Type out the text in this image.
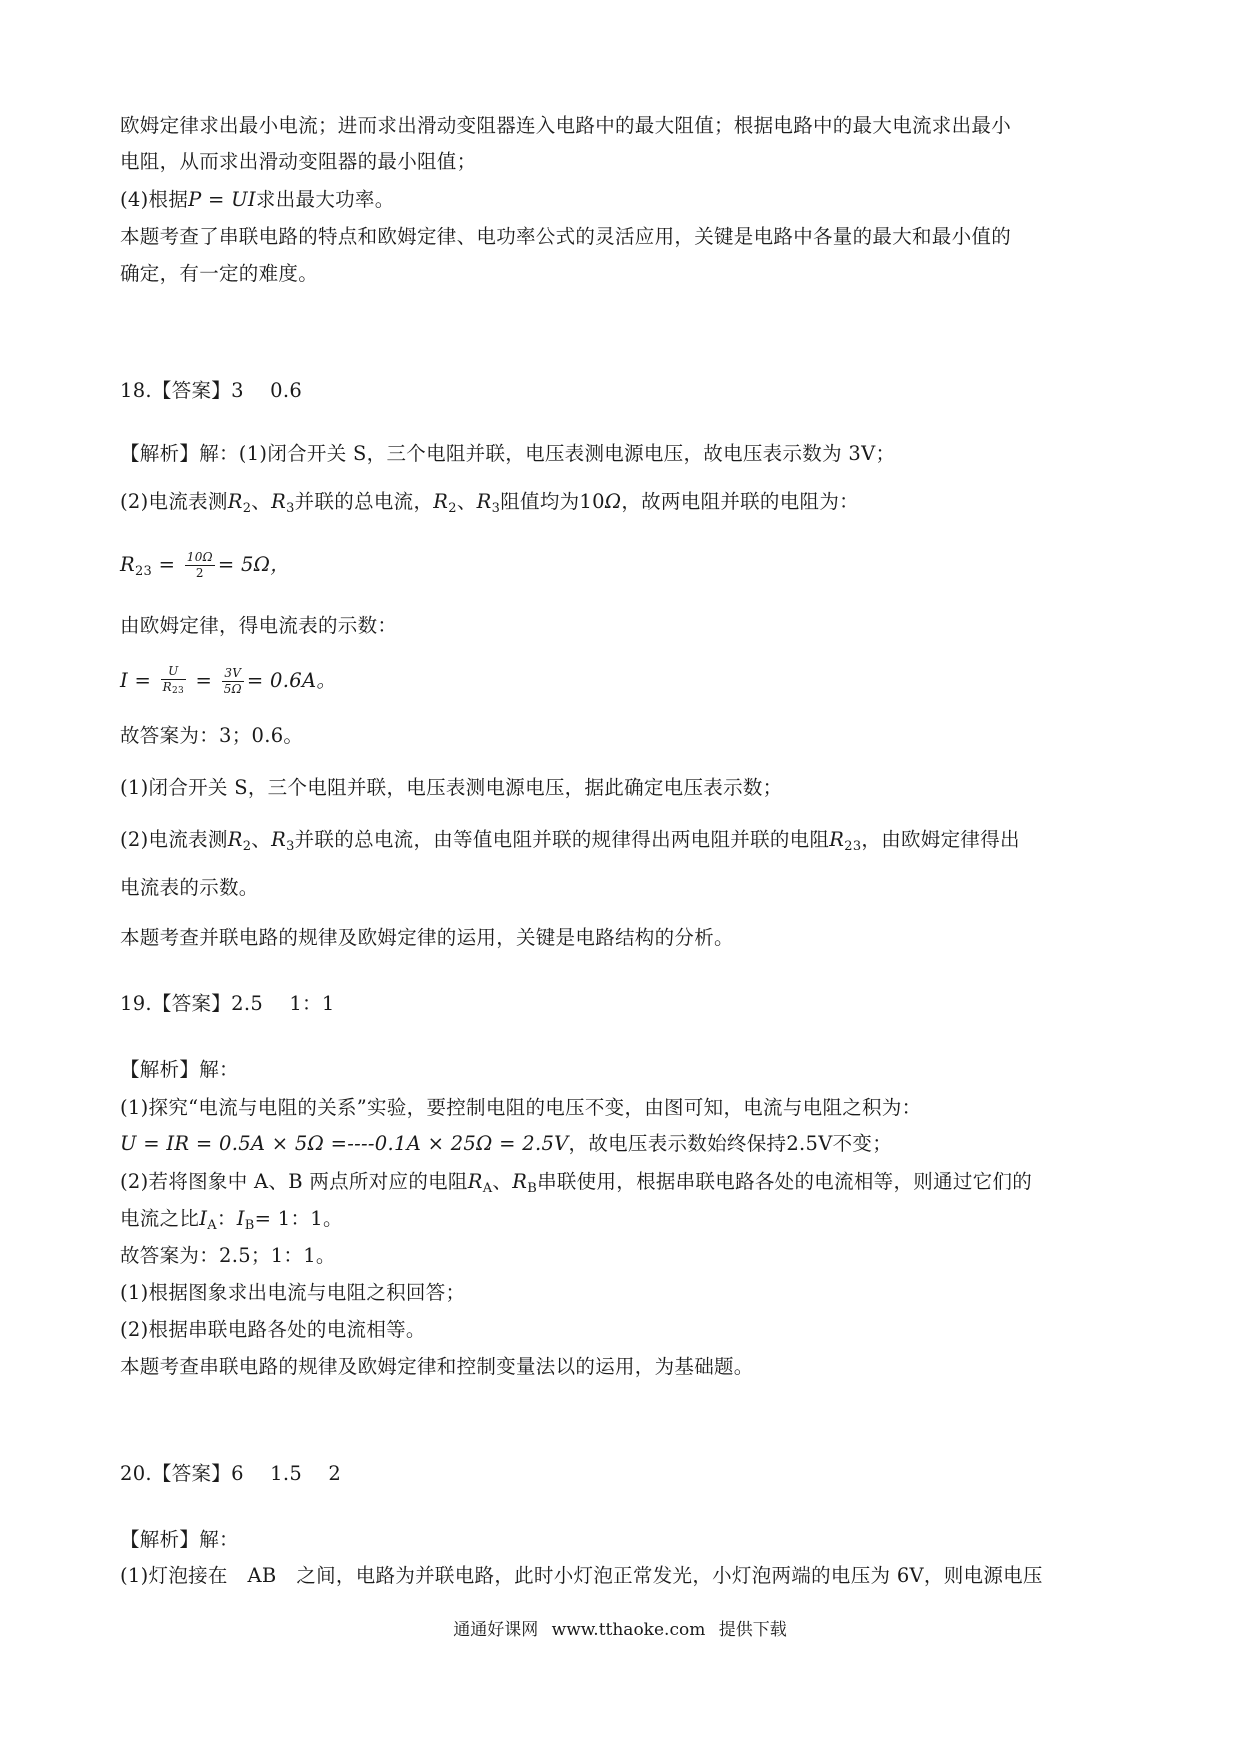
欧姆定律求出最小电流；进而求出滑动变阻器连入电路中的最大阻值；根据电路中的最大电流求出最小
电阻，从而求出滑动变阻器的最小阻值；
(4)根据P = UI求出最大功率。
本题考查了串联电路的特点和欧姆定律、电功率公式的灵活应用，关键是电路中各量的最大和最小值的
确定，有一定的难度。
18.【答案】3　 0.6
【解析】解：(1)闭合开关 S，三个电阻并联，电压表测电源电压，故电压表示数为 3V；
(2)电流表测$R_2$、$R_3$并联的总电流，$R_2$、$R_3$阻值均为10Ω，故两电阻并联的电阻为：
$R_{23} = \frac{10\Omega}{2} = 5\Omega$，
由欧姆定律，得电流表的示数：
$I = \frac{U}{R_{23}} = \frac{3V}{5\Omega} = 0.6A$。
故答案为：3；0.6。
(1)闭合开关 S，三个电阻并联，电压表测电源电压，据此确定电压表示数；
(2)电流表测$R_2$、$R_3$并联的总电流，由等值电阻并联的规律得出两电阻并联的电阻$R_{23}$，由欧姆定律得出
电流表的示数。
本题考查并联电路的规律及欧姆定律的运用，关键是电路结构的分析。
19.【答案】2.5　 1：1
【解析】解：
(1)探究“电流与电阻的关系”实验，要控制电阻的电压不变，由图可知，电流与电阻之积为：
U = IR = 0.5A × 5Ω =----0.1A × 25Ω = 2.5V，故电压表示数始终保持2.5V不变；
(2)若将图象中 A、B 两点所对应的电阻$R_A$、$R_B$串联使用，根据串联电路各处的电流相等，则通过它们的
电流之比$I_A$：$I_B= 1$：1。
故答案为：2.5；1：1。
(1)根据图象求出电流与电阻之积回答；
(2)根据串联电路各处的电流相等。
本题考查串联电路的规律及欧姆定律和控制变量法以的运用，为基础题。
20.【答案】6　 1.5　 2
【解析】解：
(1)灯泡接在　AB　之间，电路为并联电路，此时小灯泡正常发光，小灯泡两端的电压为 6V，则电源电压
通通好课网 www.tthaoke.com 提供下载
